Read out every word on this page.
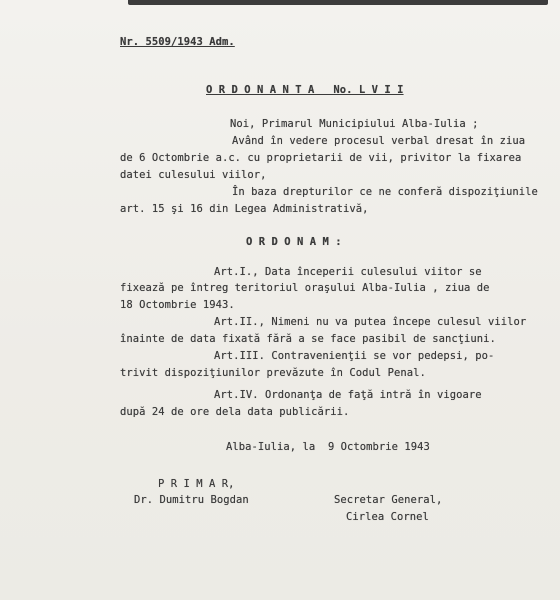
Nr. 5509/1943 Adm.
O R D O N A N T A   No. L V I I
Noi, Primarul Municipiului Alba-Iulia ;
Având în vedere procesul verbal dresat în ziua
de 6 Octombrie a.c. cu proprietarii de vii, privitor la fixarea
datei culesului viilor,
În baza drepturilor ce ne conferă dispoziţiunile
art. 15 şi 16 din Legea Administrativă,
O R D O N A M :
Art.I., Data începerii culesului viitor se
fixează pe întreg teritoriul oraşului Alba-Iulia , ziua de
18 Octombrie 1943.
Art.II., Nimeni nu va putea începe culesul viilor
înainte de data fixată fără a se face pasibil de sancţiuni.
Art.III. Contravenienţii se vor pedepsi, po-
trivit dispoziţiunilor prevăzute în Codul Penal.
Art.IV. Ordonanţa de faţă intră în vigoare
după 24 de ore dela data publicării.
Alba-Iulia, la  9 Octombrie 1943
P R I M A R,
Dr. Dumitru Bogdan	Secretar General,
Cirlea Cornel
